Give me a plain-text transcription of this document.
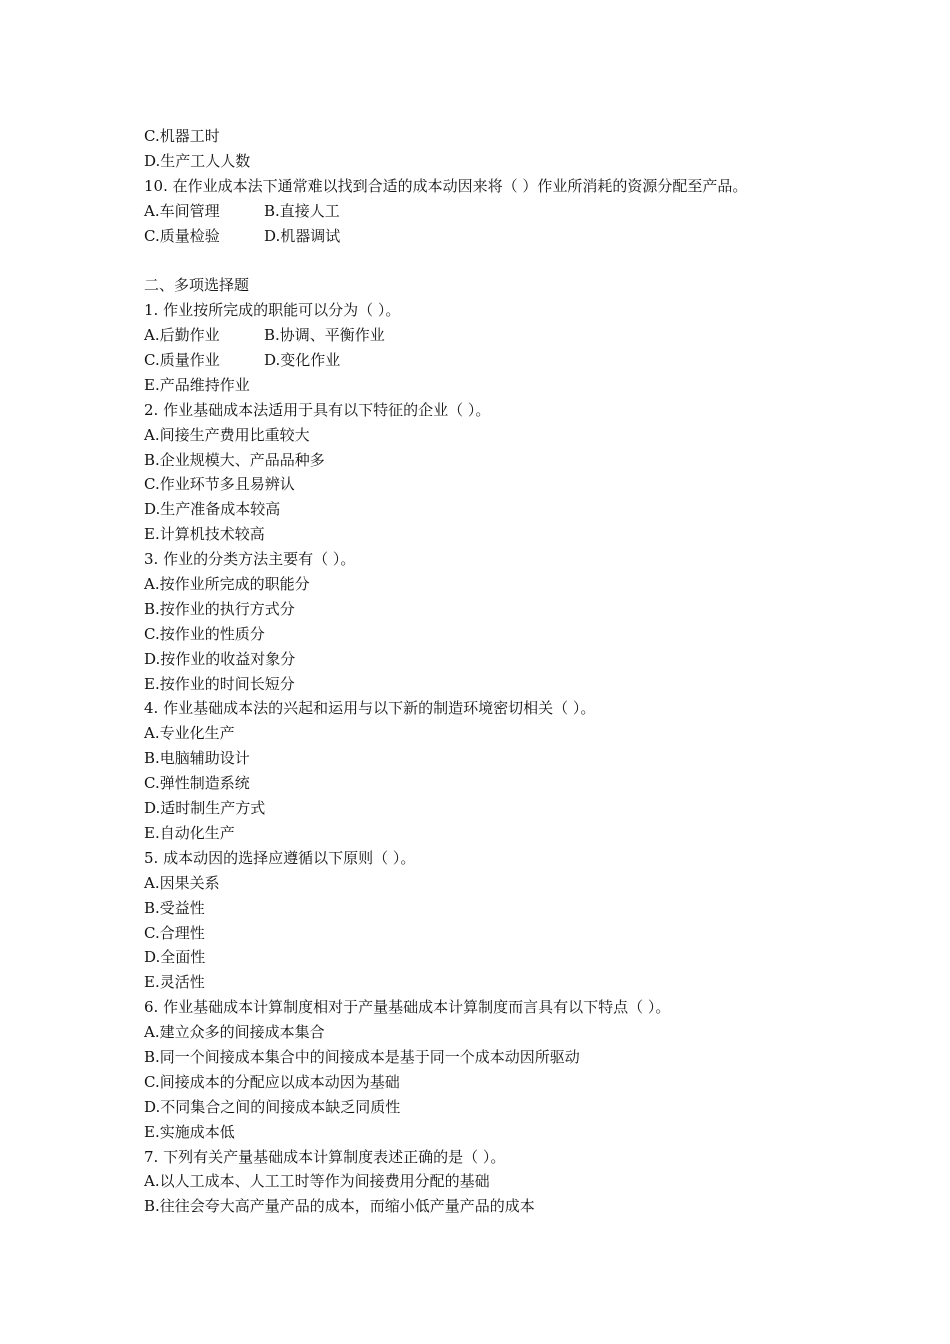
C.机器工时
D.生产工人人数
10. 在作业成本法下通常难以找到合适的成本动因来将（ ）作业所消耗的资源分配至产品。
A.车间管理	B.直接人工
C.质量检验	D.机器调试
二、多项选择题
1. 作业按所完成的职能可以分为（ ）。
A.后勤作业	B.协调、平衡作业
C.质量作业	D.变化作业
E.产品维持作业
2. 作业基础成本法适用于具有以下特征的企业（ ）。
A.间接生产费用比重较大
B.企业规模大、产品品种多
C.作业环节多且易辨认
D.生产准备成本较高
E.计算机技术较高
3. 作业的分类方法主要有（ ）。
A.按作业所完成的职能分
B.按作业的执行方式分
C.按作业的性质分
D.按作业的收益对象分
E.按作业的时间长短分
4. 作业基础成本法的兴起和运用与以下新的制造环境密切相关（ ）。
A.专业化生产
B.电脑辅助设计
C.弹性制造系统
D.适时制生产方式
E.自动化生产
5. 成本动因的选择应遵循以下原则（ ）。
A.因果关系
B.受益性
C.合理性
D.全面性
E.灵活性
6. 作业基础成本计算制度相对于产量基础成本计算制度而言具有以下特点（ ）。
A.建立众多的间接成本集合
B.同一个间接成本集合中的间接成本是基于同一个成本动因所驱动
C.间接成本的分配应以成本动因为基础
D.不同集合之间的间接成本缺乏同质性
E.实施成本低
7. 下列有关产量基础成本计算制度表述正确的是（ ）。
A.以人工成本、人工工时等作为间接费用分配的基础
B.往往会夸大高产量产品的成本，而缩小低产量产品的成本
